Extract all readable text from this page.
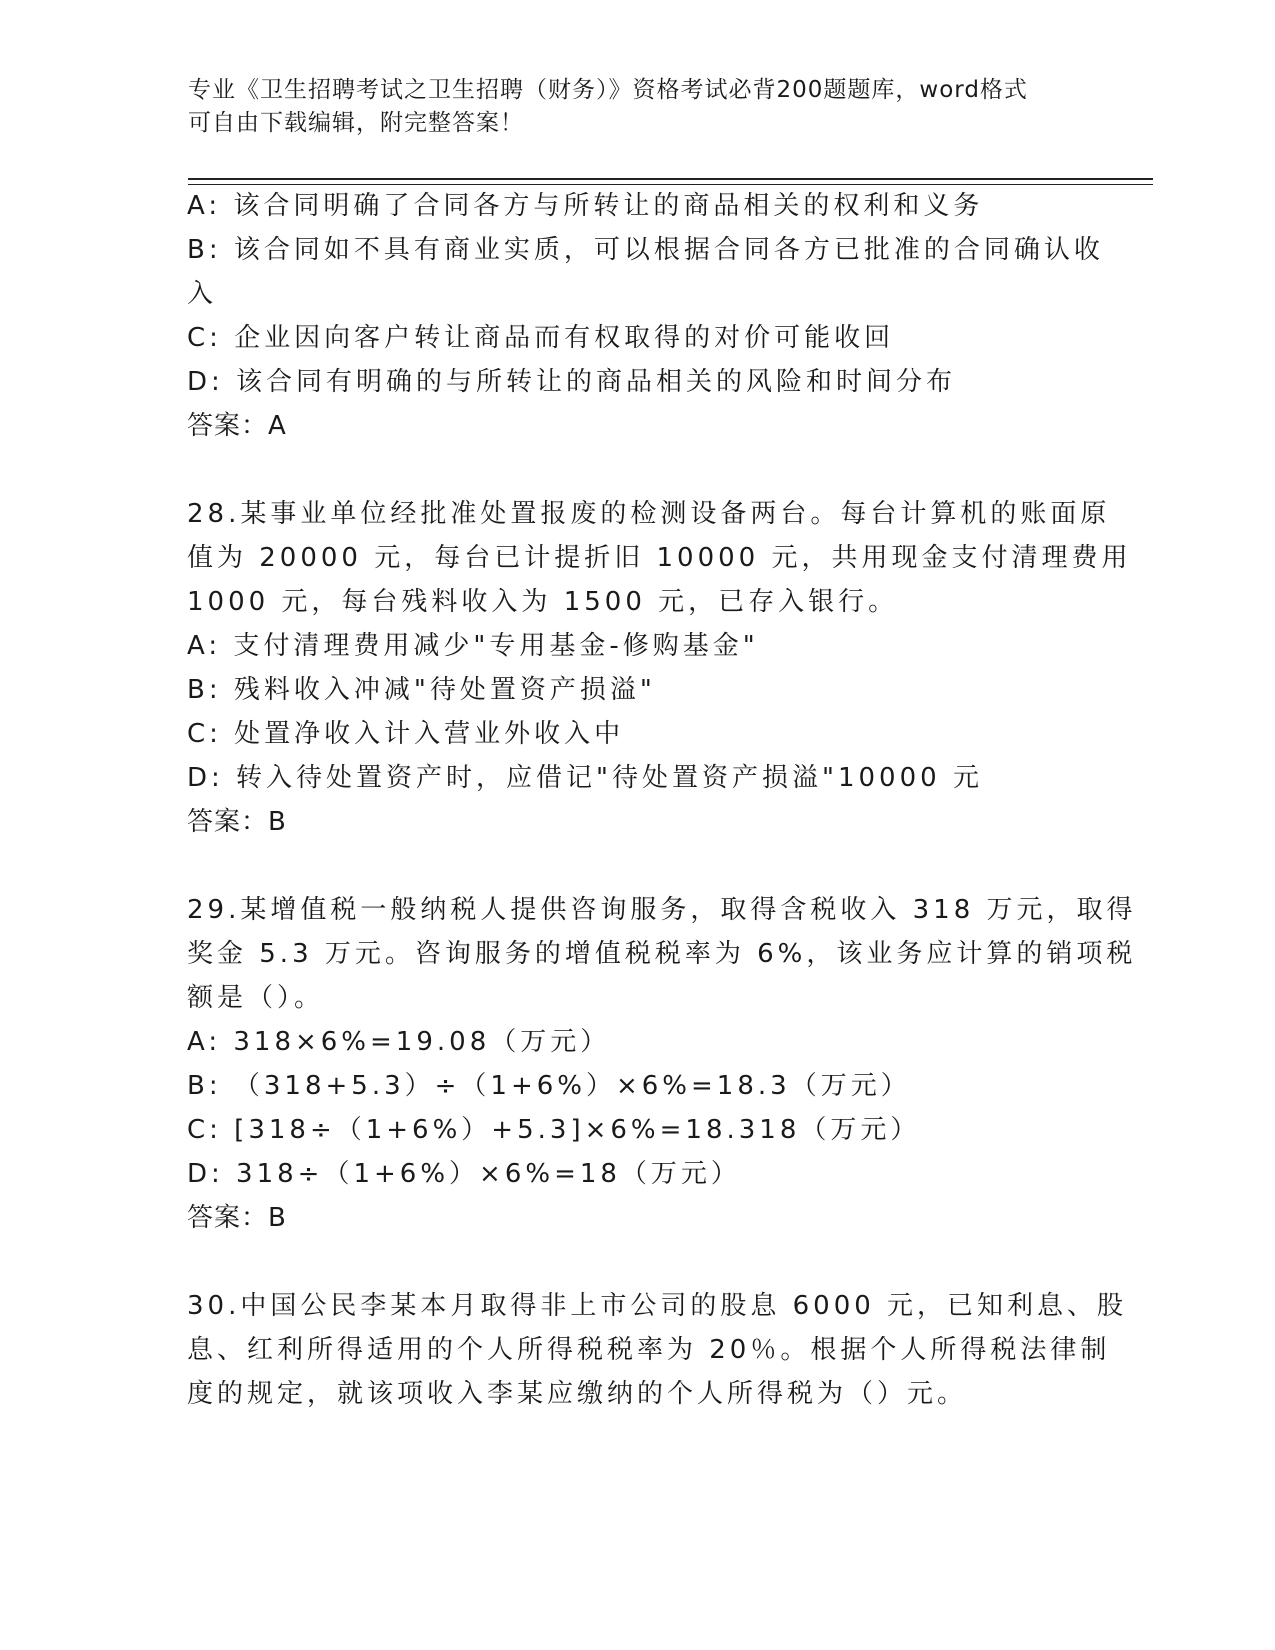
专业《卫生招聘考试之卫生招聘（财务）》资格考试必背200题题库，word格式
可自由下载编辑，附完整答案！
A: 该合同明确了合同各方与所转让的商品相关的权利和义务
B: 该合同如不具有商业实质，可以根据合同各方已批准的合同确认收
入
C: 企业因向客户转让商品而有权取得的对价可能收回
D: 该合同有明确的与所转让的商品相关的风险和时间分布
答案：A
28.某事业单位经批准处置报废的检测设备两台。每台计算机的账面原
值为 20000 元，每台已计提折旧 10000 元，共用现金支付清理费用
1000 元，每台残料收入为 1500 元，已存入银行。
A: 支付清理费用减少"专用基金-修购基金"
B: 残料收入冲减"待处置资产损溢"
C: 处置净收入计入营业外收入中
D: 转入待处置资产时，应借记"待处置资产损溢"10000 元
答案：B
29.某增值税一般纳税人提供咨询服务，取得含税收入 318 万元，取得
奖金 5.3 万元。咨询服务的增值税税率为 6%，该业务应计算的销项税
额是（）。
A: 318×6%=19.08（万元）
B: （318+5.3）÷（1+6%）×6%=18.3（万元）
C: [318÷（1+6%）+5.3]×6%=18.318（万元）
D: 318÷（1+6%）×6%=18（万元）
答案：B
30.中国公民李某本月取得非上市公司的股息 6000 元，已知利息、股
息、红利所得适用的个人所得税税率为 20％。根据个人所得税法律制
度的规定，就该项收入李某应缴纳的个人所得税为（）元。
